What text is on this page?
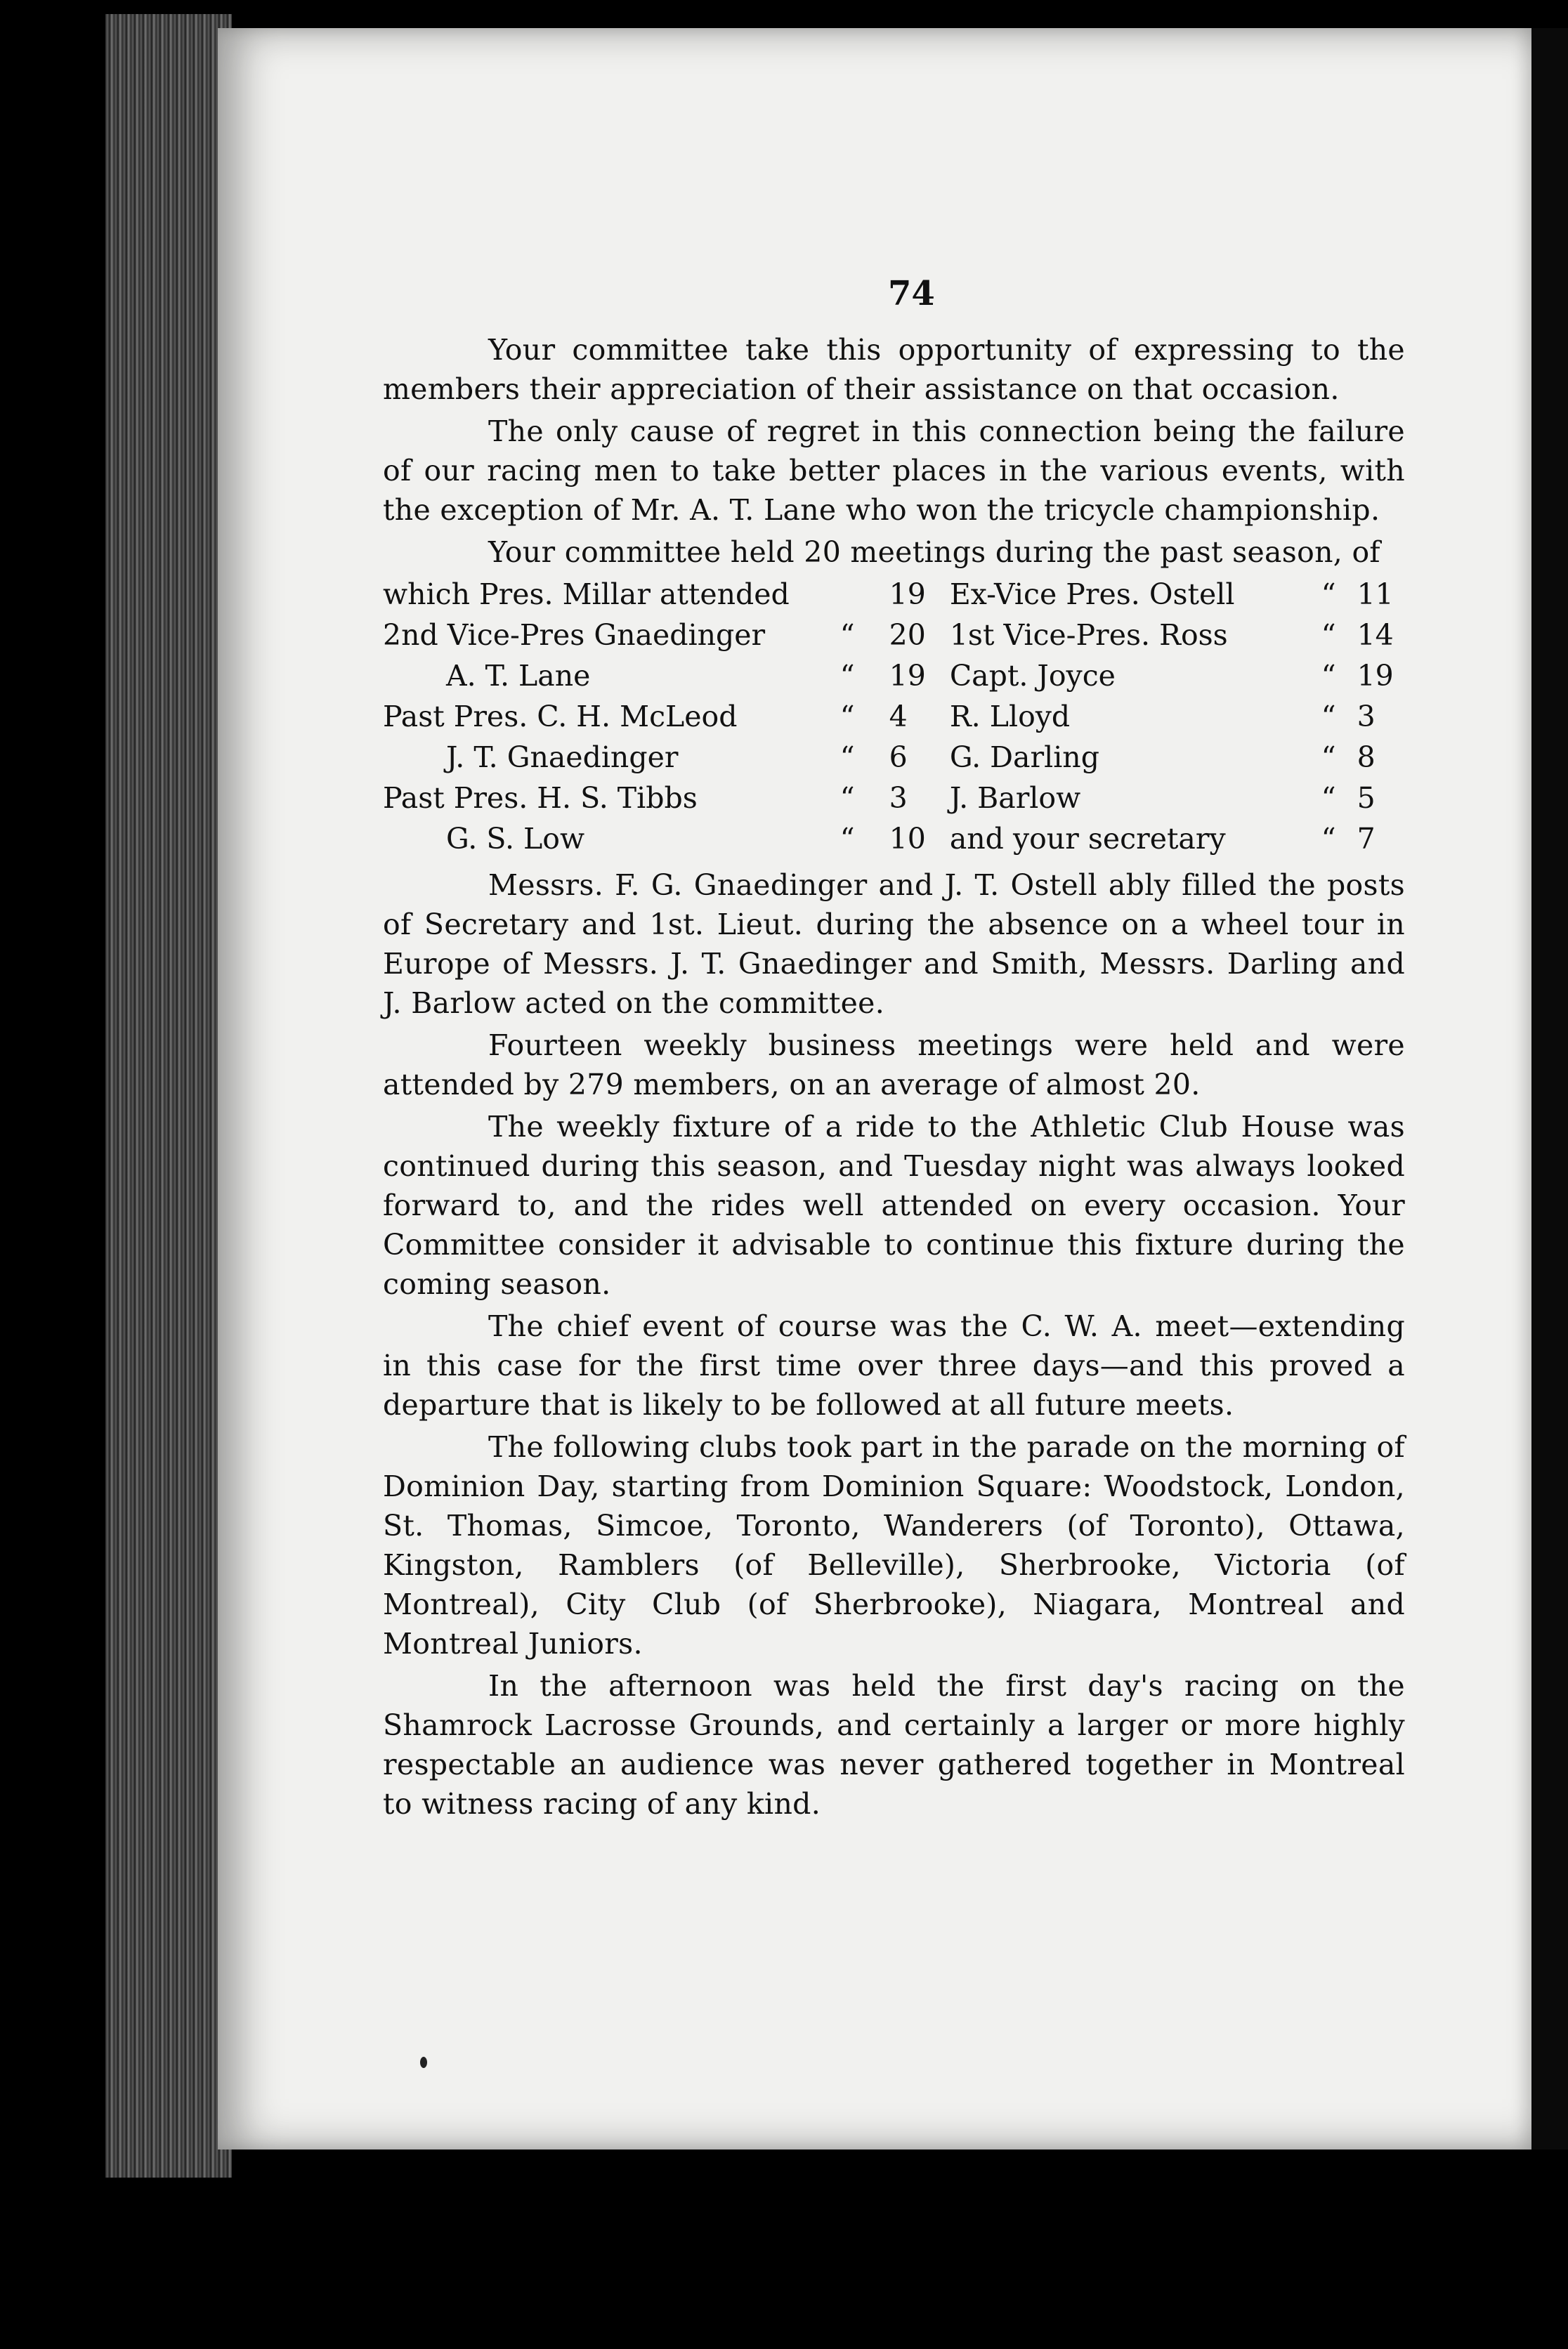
74

Your committee take this opportunity of expressing to the members their appreciation of their assistance on that occasion.

The only cause of regret in this connection being the failure of our racing men to take better places in the various events, with the exception of Mr. A. T. Lane who won the tricycle championship.

Your committee held 20 meetings during the past season, of

which Pres. Millar attended		19	Ex-Vice Pres. Ostell	“	11
2nd Vice-Pres Gnaedinger	“	20	1st Vice-Pres. Ross	“	14
A. T. Lane	“	19	Capt. Joyce	“	19
Past Pres. C. H. McLeod	“	4	R. Lloyd	“	3
J. T. Gnaedinger	“	6	G. Darling	“	8
Past Pres. H. S. Tibbs	“	3	J. Barlow	“	5
G. S. Low	“	10	and your secretary	“	7

Messrs. F. G. Gnaedinger and J. T. Ostell ably filled the posts of Secretary and 1st. Lieut. during the absence on a wheel tour in Europe of Messrs. J. T. Gnaedinger and Smith, Messrs. Darling and J. Barlow acted on the committee.

Fourteen weekly business meetings were held and were attended by 279 members, on an average of almost 20.

The weekly fixture of a ride to the Athletic Club House was continued during this season, and Tuesday night was always looked forward to, and the rides well attended on every occasion. Your Committee consider it advisable to continue this fixture during the coming season.

The chief event of course was the C. W. A. meet—extending in this case for the first time over three days—and this proved a departure that is likely to be followed at all future meets.

The following clubs took part in the parade on the morning of Dominion Day, starting from Dominion Square: Woodstock, London, St. Thomas, Simcoe, Toronto, Wanderers (of Toronto), Ottawa, Kingston, Ramblers (of Belleville), Sherbrooke, Victoria (of Montreal), City Club (of Sherbrooke), Niagara, Montreal and Montreal Juniors.

In the afternoon was held the first day's racing on the Shamrock Lacrosse Grounds, and certainly a larger or more highly respectable an audience was never gathered together in Montreal to witness racing of any kind.
